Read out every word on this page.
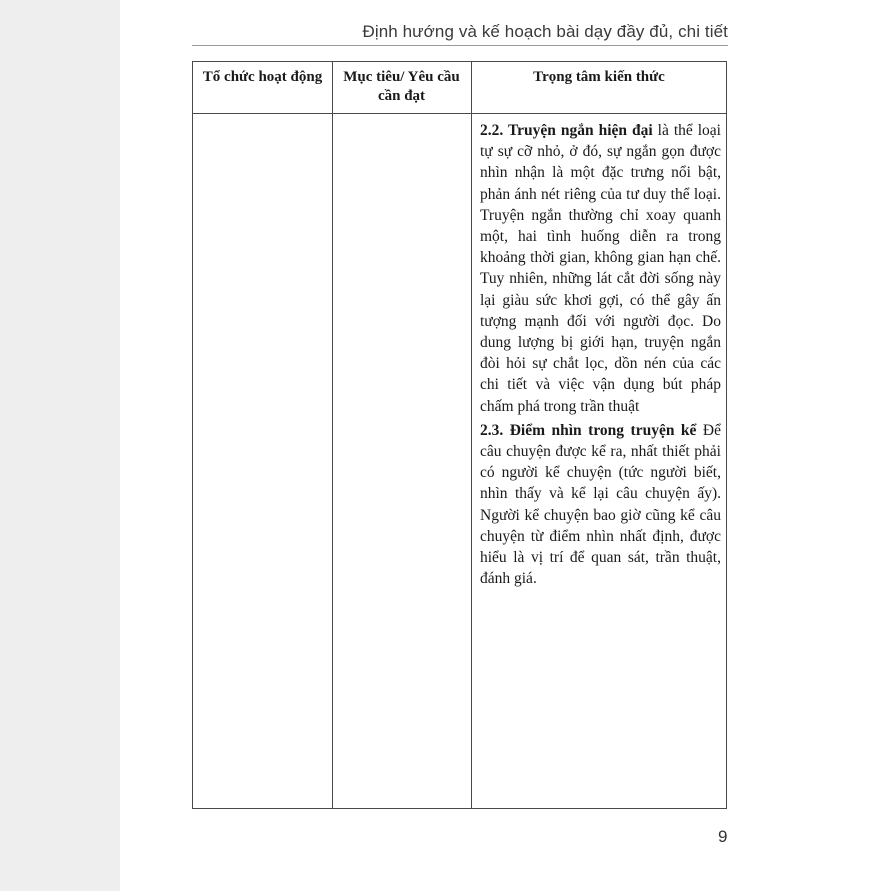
Định hướng và kế hoạch bài dạy đầy đủ, chi tiết
Tổ chức hoạt động	Mục tiêu/ Yêu cầu cần đạt
Trọng tâm kiến thức

2.2. Truyện ngắn hiện đại là thể loại tự sự cỡ nhỏ, ở đó, sự ngắn gọn được nhìn nhận là một đặc trưng nổi bật, phản ánh nét riêng của tư duy thể loại. Truyện ngắn thường chỉ xoay quanh một, hai tình huống diễn ra trong khoảng thời gian, không gian hạn chế. Tuy nhiên, những lát cắt đời sống này lại giàu sức khơi gợi, có thể gây ấn tượng mạnh đối với người đọc. Do dung lượng bị giới hạn, truyện ngắn đòi hỏi sự chắt lọc, dồn nén của các chi tiết và việc vận dụng bút pháp chấm phá trong trần thuật

2.3. Điểm nhìn trong truyện kể Để câu chuyện được kể ra, nhất thiết phải có người kể chuyện (tức người biết, nhìn thấy và kể lại câu chuyện ấy). Người kể chuyện bao giờ cũng kể câu chuyện từ điểm nhìn nhất định, được hiểu là vị trí để quan sát, trần thuật, đánh giá.

9
